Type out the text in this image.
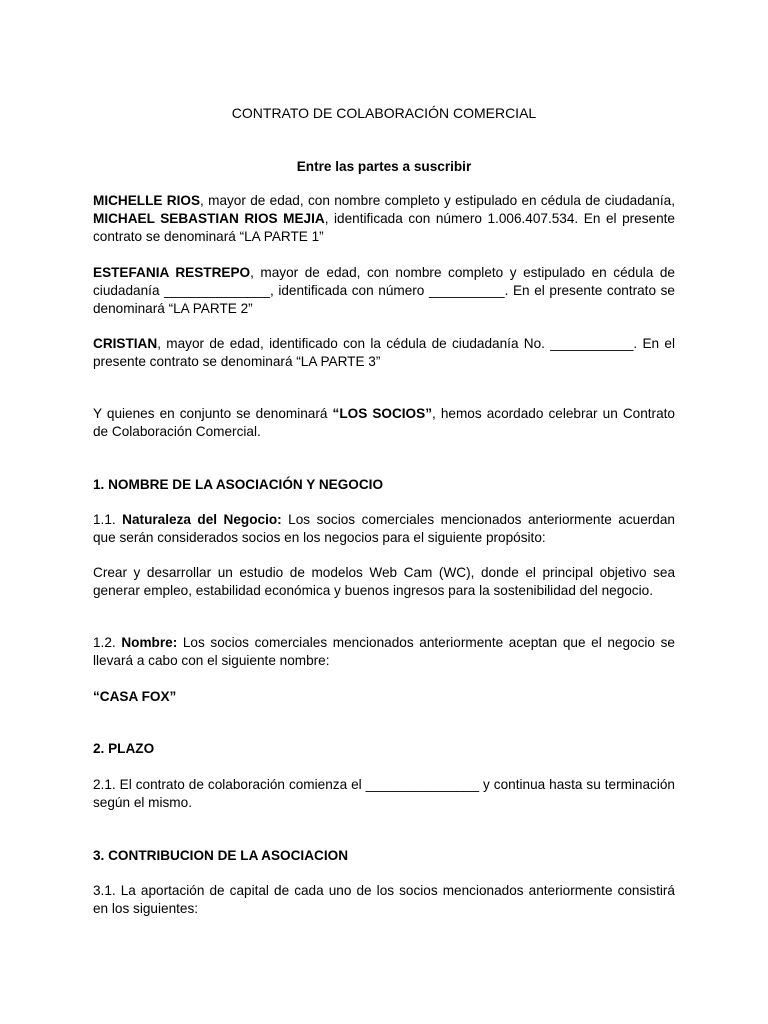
CONTRATO DE COLABORACIÓN COMERCIAL
Entre las partes a suscribir

MICHELLE RIOS, mayor de edad, con nombre completo y estipulado en cédula de ciudadanía, MICHAEL SEBASTIAN RIOS MEJIA, identificada con número 1.006.407.534. En el presente contrato se denominará “LA PARTE 1”

ESTEFANIA RESTREPO, mayor de edad, con nombre completo y estipulado en cédula de ciudadanía ______________, identificada con número __________. En el presente contrato se denominará “LA PARTE 2”

CRISTIAN, mayor de edad, identificado con la cédula de ciudadanía No. ___________. En el presente contrato se denominará “LA PARTE 3”

Y quienes en conjunto se denominará “LOS SOCIOS”, hemos acordado celebrar un Contrato de Colaboración Comercial.

1. NOMBRE DE LA ASOCIACIÓN Y NEGOCIO

1.1. Naturaleza del Negocio: Los socios comerciales mencionados anteriormente acuerdan que serán considerados socios en los negocios para el siguiente propósito:

Crear y desarrollar un estudio de modelos Web Cam (WC), donde el principal objetivo sea generar empleo, estabilidad económica y buenos ingresos para la sostenibilidad del negocio.

1.2. Nombre: Los socios comerciales mencionados anteriormente aceptan que el negocio se llevará a cabo con el siguiente nombre:

“CASA FOX”

2. PLAZO

2.1. El contrato de colaboración comienza el _______________ y continua hasta su terminación según el mismo.

3. CONTRIBUCION DE LA ASOCIACION

3.1. La aportación de capital de cada uno de los socios mencionados anteriormente consistirá en los siguientes:
